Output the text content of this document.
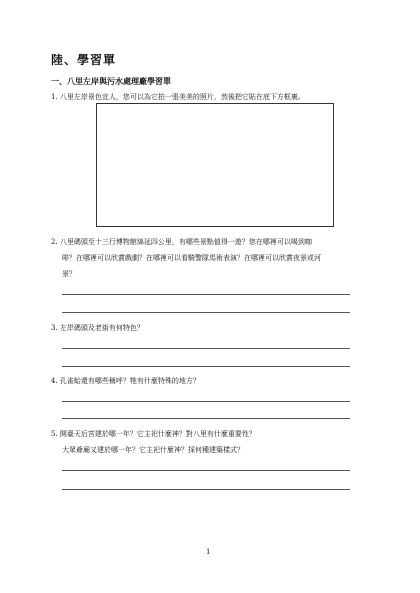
陸、學習單
一、八里左岸與污水處理廠學習單
1. 八里左岸景色宜人，您可以為它拍一張美美的照片，然後把它貼在底下方框裏。
2. 八里碼頭至十三行博物館綿延四公里，有哪些景點值得一遊？您在哪裡可以喝到咖
啡？在哪裡可以欣賞戲劇？在哪裡可以看騎警隊馬術表演？在哪裡可以欣賞夜景或河
景？
3. 左岸碼頭及老街有何特色？
4. 孔雀蛤還有哪些稱呼？牠有什麼特殊的地方？
5. 開臺天后宮建於哪一年？它主祀什麼神？對八里有什麼重要性？
大眾爺廟又建於哪一年？它主祀什麼神？採何種建築樣式？
1
